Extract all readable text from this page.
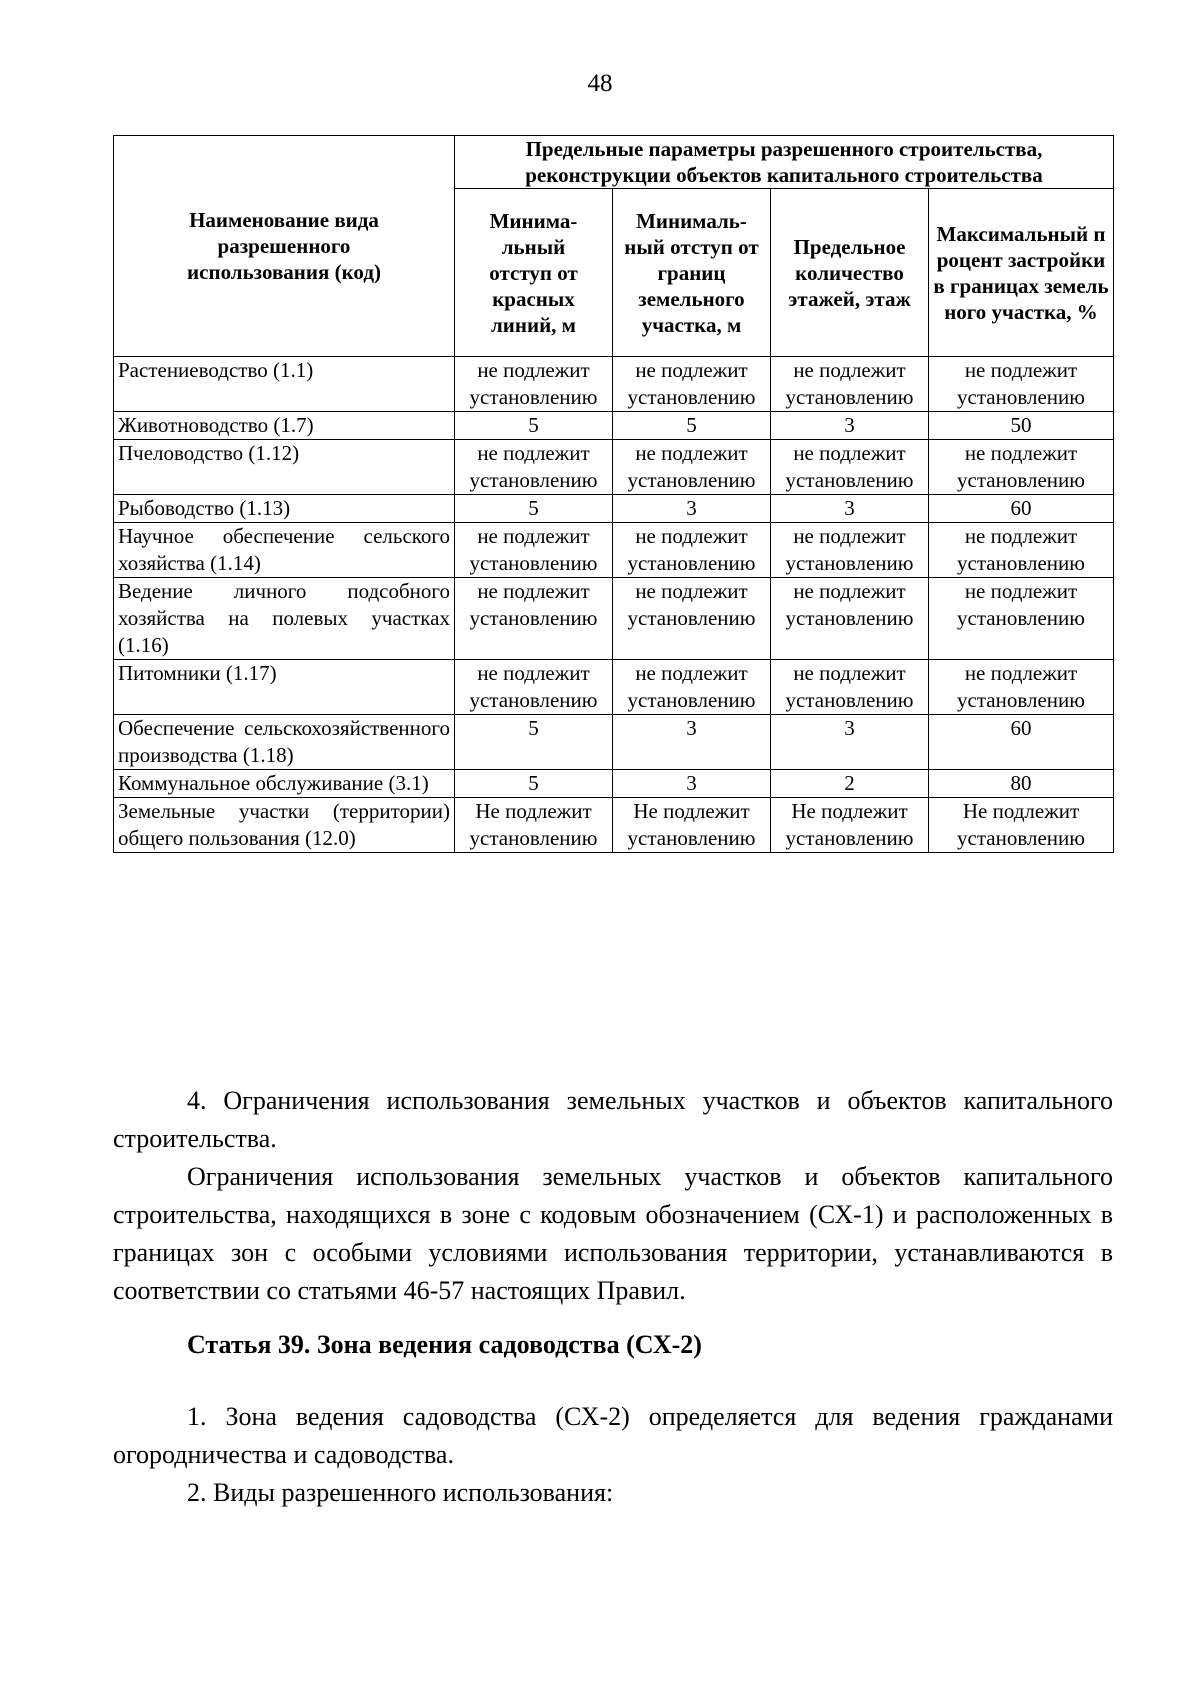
48
Наименование вида разрешенного использования (код)	Предельные параметры разрешенного строительства, реконструкции объектов капитального строительства			
	Минима-льный отступ от красных линий, м	Минималь-ный отступ от границ земельного участка, м	Предельное количество этажей, этаж	Максимальный процент застройки в границах земельного участка, %
Растениеводство (1.1)	не подлежит установлению	не подлежит установлению	не подлежит установлению	не подлежит установлению
Животноводство (1.7)	5	5	3	50
Пчеловодство (1.12)	не подлежит установлению	не подлежит установлению	не подлежит установлению	не подлежит установлению
Рыбоводство (1.13)	5	3	3	60
Научное обеспечение сельского хозяйства (1.14)	не подлежит установлению	не подлежит установлению	не подлежит установлению	не подлежит установлению
Ведение личного подсобного хозяйства на полевых участках (1.16)	не подлежит установлению	не подлежит установлению	не подлежит установлению	не подлежит установлению
Питомники (1.17)	не подлежит установлению	не подлежит установлению	не подлежит установлению	не подлежит установлению
Обеспечение сельскохозяйственного производства (1.18)	5	3	3	60
Коммунальное обслуживание (3.1)	5	3	2	80
Земельные участки (территории) общего пользования (12.0)	Не подлежит установлению	Не подлежит установлению	Не подлежит установлению	Не подлежит установлению
4. Ограничения использования земельных участков и объектов капитального строительства.
Ограничения использования земельных участков и объектов капитального строительства, находящихся в зоне с кодовым обозначением (СХ-1) и расположенных в границах зон с особыми условиями использования территории, устанавливаются в соответствии со статьями 46-57 настоящих Правил.
Статья 39. Зона ведения садоводства (СХ-2)
1. Зона ведения садоводства (СХ-2) определяется для ведения гражданами огородничества и садоводства.
2. Виды разрешенного использования:
